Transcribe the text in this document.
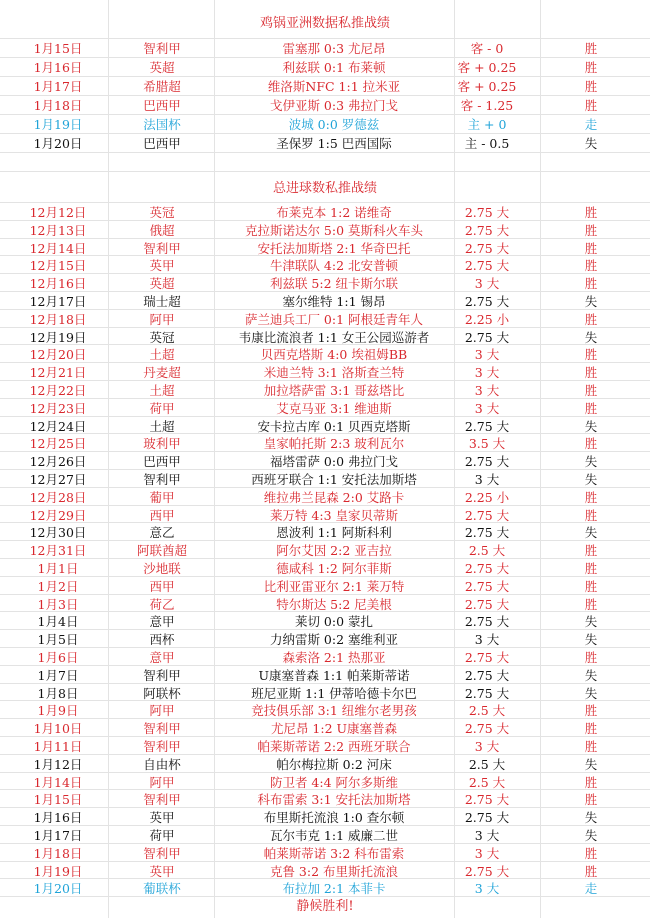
鸡锅亚洲数据私推战绩
1月15日	智利甲	雷塞那 0:3 尤尼昂	客 - 0	胜
1月16日	英超	利兹联 0:1 布莱顿	客 + 0.25	胜
1月17日	希腊超	维洛斯NFC 1:1 拉米亚	客 + 0.25	胜
1月18日	巴西甲	戈伊亚斯 0:3 弗拉门戈	客 - 1.25	胜
1月19日	法国杯	波城 0:0 罗德兹	主 + 0	走
1月20日	巴西甲	圣保罗 1:5 巴西国际	主 - 0.5	失
总进球数私推战绩
12月12日	英冠	布莱克本 1:2 诺维奇	2.75 大	胜
12月13日	俄超	克拉斯诺达尔 5:0 莫斯科火车头	2.75 大	胜
12月14日	智利甲	安托法加斯塔 2:1 华奇巴托	2.75 大	胜
12月15日	英甲	牛津联队 4:2 北安普顿	2.75 大	胜
12月16日	英超	利兹联 5:2 纽卡斯尔联	3 大	胜
12月17日	瑞士超	塞尔维特 1:1 锡昂	2.75 大	失
12月18日	阿甲	萨兰迪兵工厂 0:1 阿根廷青年人	2.25 小	胜
12月19日	英冠	韦康比流浪者 1:1 女王公园巡游者	2.75 大	失
12月20日	土超	贝西克塔斯 4:0 埃祖姆BB	3 大	胜
12月21日	丹麦超	米迪兰特 3:1 洛斯查兰特	3 大	胜
12月22日	土超	加拉塔萨雷 3:1 哥兹塔比	3 大	胜
12月23日	荷甲	艾克马亚 3:1 维迪斯	3 大	胜
12月24日	土超	安卡拉古库 0:1 贝西克塔斯	2.75 大	失
12月25日	玻利甲	皇家帕托斯 2:3 玻利瓦尔	3.5 大	胜
12月26日	巴西甲	福塔雷萨 0:0 弗拉门戈	2.75 大	失
12月27日	智利甲	西班牙联合 1:1 安托法加斯塔	3 大	失
12月28日	葡甲	维拉弗兰昆森 2:0 艾路卡	2.25 小	胜
12月29日	西甲	莱万特 4:3 皇家贝蒂斯	2.75 大	胜
12月30日	意乙	恩波利 1:1 阿斯科利	2.75 大	失
12月31日	阿联酋超	阿尔艾因 2:2 亚吉拉	2.5 大	胜
1月1日	沙地联	德咸科 1:2 阿尔菲斯	2.75 大	胜
1月2日	西甲	比利亚雷亚尔 2:1 莱万特	2.75 大	胜
1月3日	荷乙	特尔斯达 5:2 尼美根	2.75 大	胜
1月4日	意甲	莱切 0:0 蒙扎	2.75 大	失
1月5日	西杯	力纳雷斯 0:2 塞维利亚	3 大	失
1月6日	意甲	森索洛 2:1 热那亚	2.75 大	胜
1月7日	智利甲	U康塞普森 1:1 帕莱斯蒂诺	2.75 大	失
1月8日	阿联杯	班尼亚斯 1:1 伊蒂哈德卡尔巴	2.75 大	失
1月9日	阿甲	竞技俱乐部 3:1 纽维尔老男孩	2.5 大	胜
1月10日	智利甲	尤尼昂 1:2 U康塞普森	2.75 大	胜
1月11日	智利甲	帕莱斯蒂诺 2:2 西班牙联合	3 大	胜
1月12日	自由杯	帕尔梅拉斯 0:2 河床	2.5 大	失
1月14日	阿甲	防卫者 4:4 阿尔多斯维	2.5 大	胜
1月15日	智利甲	科布雷索 3:1 安托法加斯塔	2.75 大	胜
1月16日	英甲	布里斯托流浪 1:0 查尔顿	2.75 大	失
1月17日	荷甲	瓦尔韦克 1:1 威廉二世	3 大	失
1月18日	智利甲	帕莱斯蒂诺 3:2 科布雷索	3 大	胜
1月19日	英甲	克鲁 3:2 布里斯托流浪	2.75 大	胜
1月20日	葡联杯	布拉加 2:1 本菲卡	3 大	走
静候胜利!
